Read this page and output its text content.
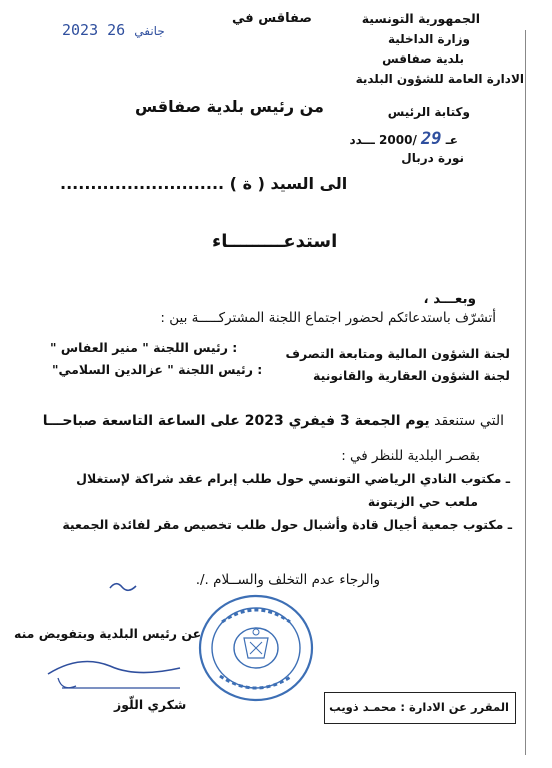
الجمهورية التونسية
وزارة الداخلية
بلدية صفاقس
الادارة العامة للشؤون البلدية
وكتابة الرئيس
عـ 29 2000/ ـــدد
نورة دربال
صفاقس في
2023	جانفي 26
من رئيس بلدية صفاقس
الى السيد ( ة ) ...........................
استدعـــــــــاء
وبعـــد ،
أتشرّف باستدعائكم لحضور اجتماع اللجنة المشتركـــــة بين :
لجنة الشؤون المالية ومتابعة التصرف
: رئيس اللجنة " منير العفاس "
لجنة الشؤون العقارية والقانونية
: رئيس اللجنة " عزالدين السلامي"
التي ستنعقد يوم الجمعة 3 فيفري 2023 على الساعة التاسعة صباحـــا
بقصـر البلدية للنظر في :
ـ مكتوب النادي الرياضي التونسي حول طلب إبرام عقد شراكة لإستغلال
ملعب حي الزيتونة
ـ مكتوب جمعية أجيال قادة وأشبال حول طلب تخصيص مقر لفائدة الجمعية
والرجاء عدم التخلف والســلام ./.
عن رئيس البلدية وبتفويض منه
شكري اللّوز	المقرر عن الادارة : محمـد ذويب
